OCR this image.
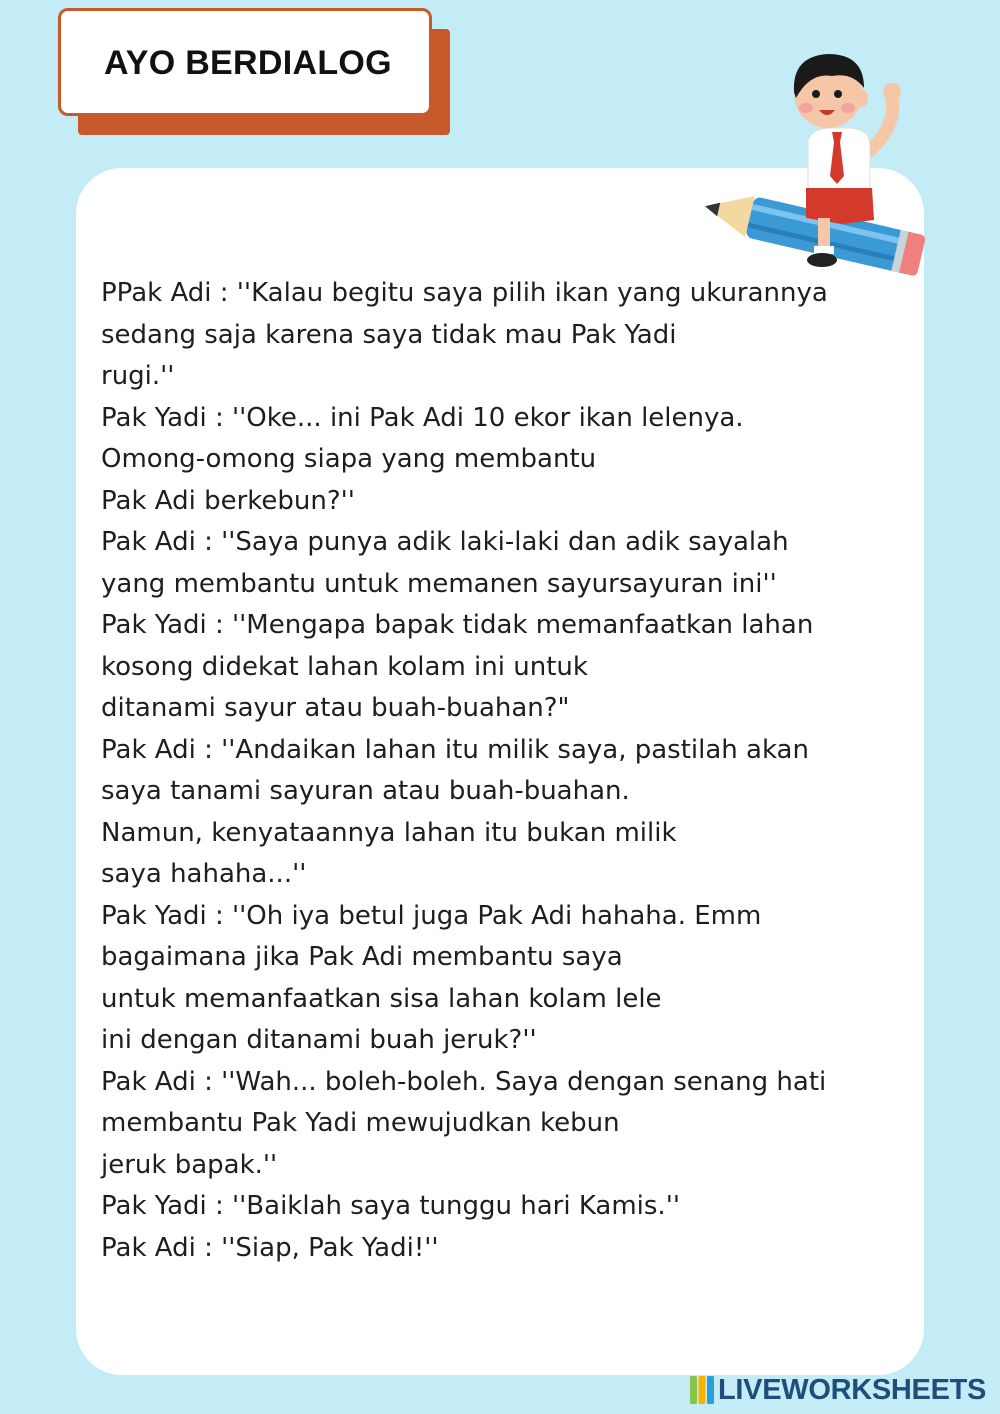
AYO BERDIALOG
PPak Adi : ''Kalau begitu saya pilih ikan yang ukurannya
sedang saja karena saya tidak mau Pak Yadi
rugi.''
Pak Yadi : ''Oke... ini Pak Adi 10 ekor ikan lelenya.
Omong-omong siapa yang membantu
Pak Adi berkebun?''
Pak Adi : ''Saya punya adik laki-laki dan adik sayalah
yang membantu untuk memanen sayursayuran ini''
Pak Yadi : ''Mengapa bapak tidak memanfaatkan lahan
kosong didekat lahan kolam ini untuk
ditanami sayur atau buah-buahan?"
Pak Adi : ''Andaikan lahan itu milik saya, pastilah akan
saya tanami sayuran atau buah-buahan.
Namun, kenyataannya lahan itu bukan milik
saya hahaha...''
Pak Yadi : ''Oh iya betul juga Pak Adi hahaha. Emm
bagaimana jika Pak Adi membantu saya
untuk memanfaatkan sisa lahan kolam lele
ini dengan ditanami buah jeruk?''
Pak Adi : ''Wah... boleh-boleh. Saya dengan senang hati
membantu Pak Yadi mewujudkan kebun
jeruk bapak.''
Pak Yadi : ''Baiklah saya tunggu hari Kamis.''
Pak Adi : ''Siap, Pak Yadi!''
LIVEWORKSHEETS
